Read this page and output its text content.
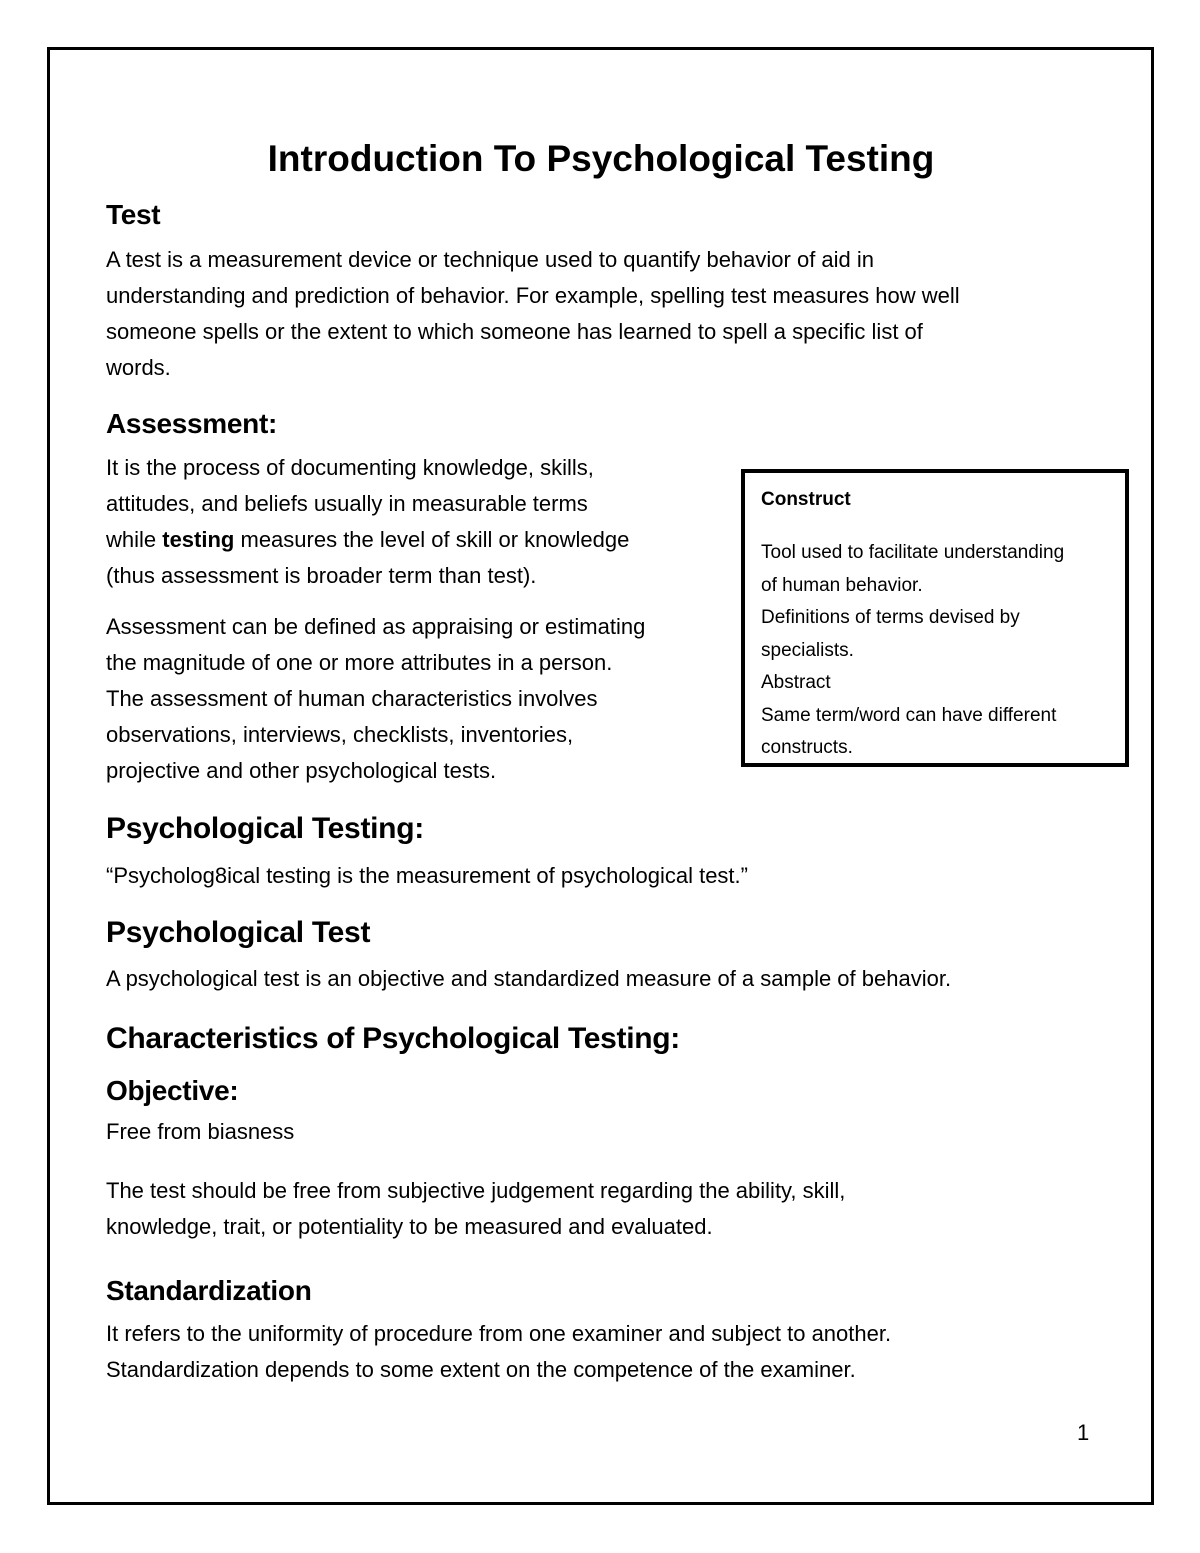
Introduction To Psychological Testing
Test
A test is a measurement device or technique used to quantify behavior of aid in
understanding and prediction of behavior. For example, spelling test measures how well
someone spells or the extent to which someone has learned to spell a specific list of
words.
Assessment:
It is the process of documenting knowledge, skills,
attitudes, and beliefs usually in measurable terms
while testing measures the level of skill or knowledge
(thus assessment is broader term than test).
Assessment can be defined as appraising or estimating
the magnitude of one or more attributes in a person.
The assessment of human characteristics involves
observations, interviews, checklists, inventories,
projective and other psychological tests.
Psychological Testing:
“Psycholog8ical testing is the measurement of psychological test.”
Psychological Test
A psychological test is an objective and standardized measure of a sample of behavior.
Characteristics of Psychological Testing:
Objective:
Free from biasness
The test should be free from subjective judgement regarding the ability, skill,
knowledge, trait, or potentiality to be measured and evaluated.
Standardization
It refers to the uniformity of procedure from one examiner and subject to another.
Standardization depends to some extent on the competence of the examiner.

Construct

Tool used to facilitate understanding

of human behavior.

Definitions of terms devised by

specialists.

Abstract

Same term/word can have different

constructs.

1
